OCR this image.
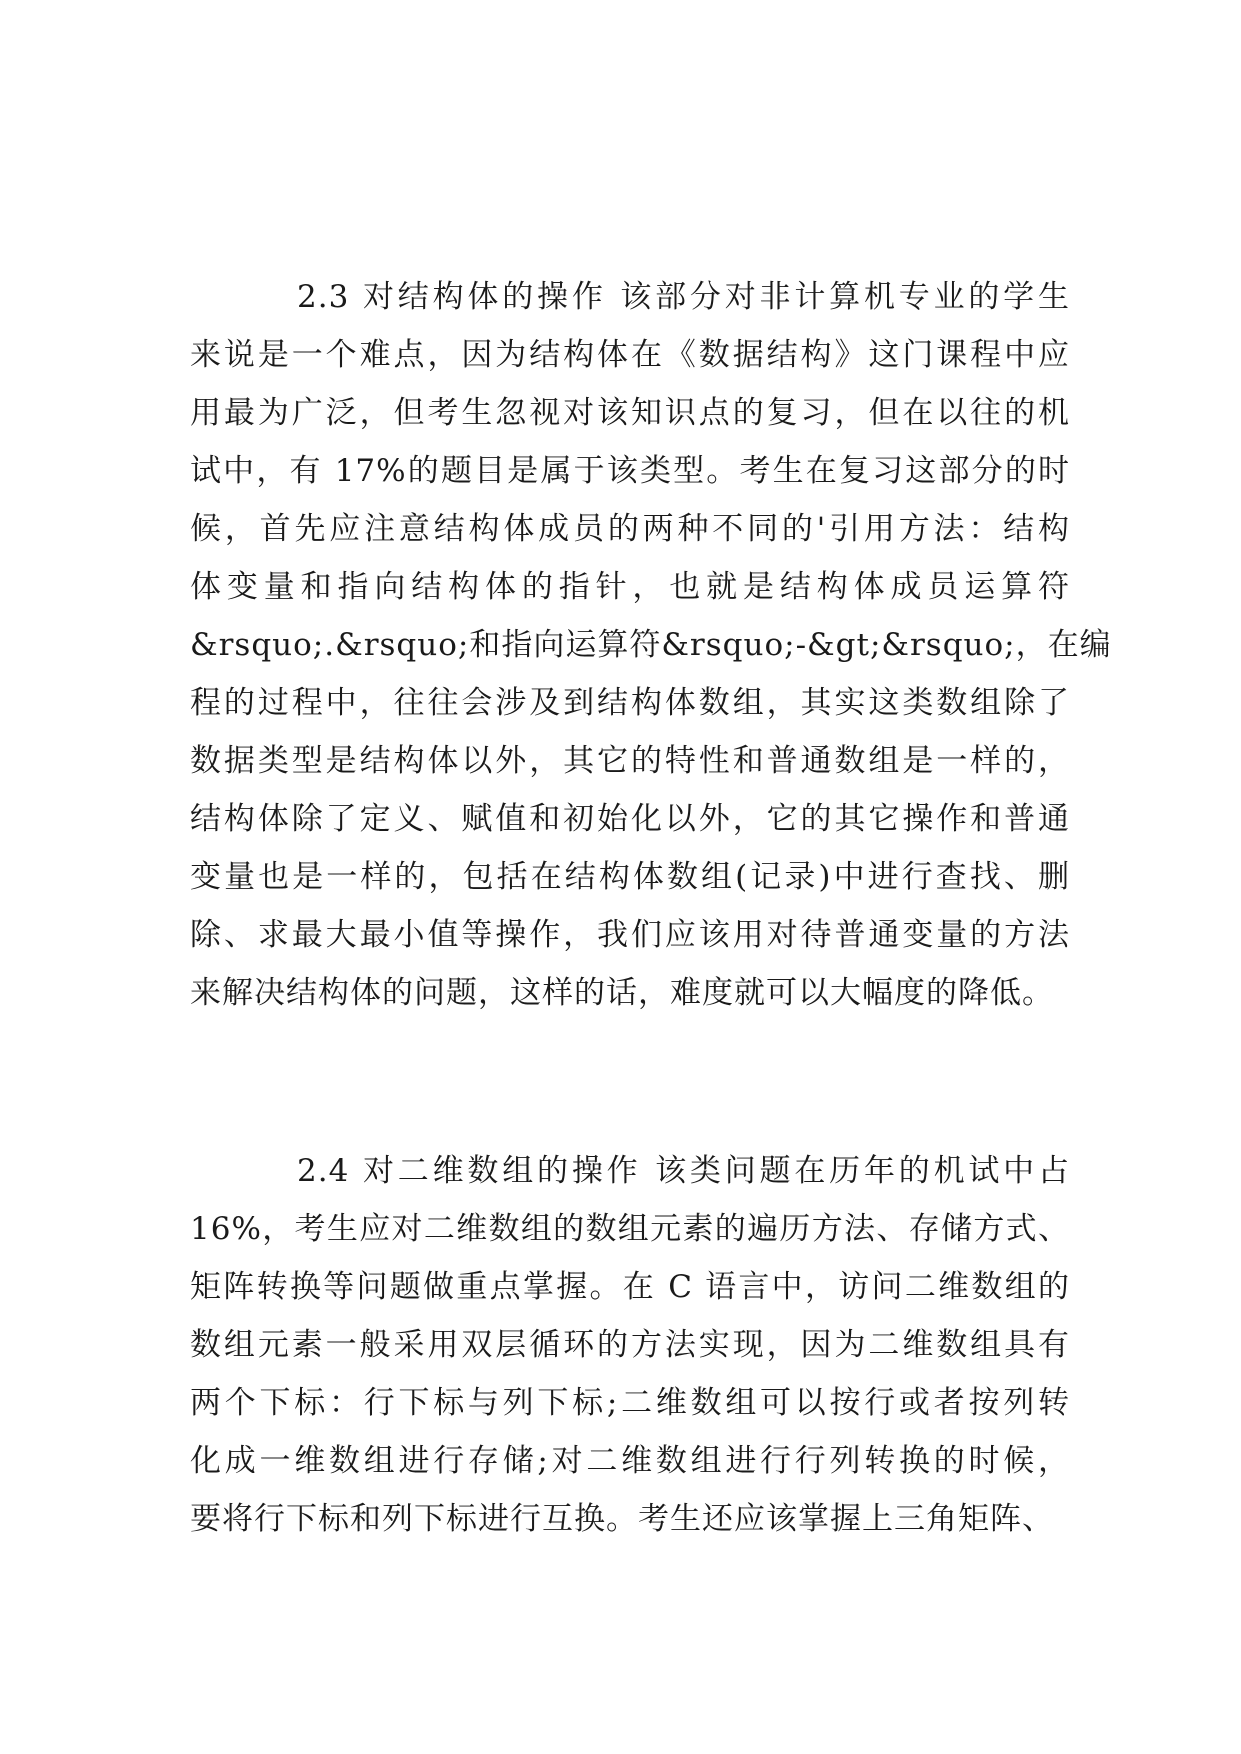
2.3 对结构体的操作 该部分对非计算机专业的学生
来说是一个难点，因为结构体在《数据结构》这门课程中应
用最为广泛，但考生忽视对该知识点的复习，但在以往的机
试中，有 17%的题目是属于该类型。考生在复习这部分的时
候，首先应注意结构体成员的两种不同的'引用方法：结构
体变量和指向结构体的指针，也就是结构体成员运算符
&rsquo;.&rsquo;和指向运算符&rsquo;-&gt;&rsquo;，在编
程的过程中，往往会涉及到结构体数组，其实这类数组除了
数据类型是结构体以外，其它的特性和普通数组是一样的，
结构体除了定义、赋值和初始化以外，它的其它操作和普通
变量也是一样的，包括在结构体数组(记录)中进行查找、删
除、求最大最小值等操作，我们应该用对待普通变量的方法
来解决结构体的问题，这样的话，难度就可以大幅度的降低。
2.4 对二维数组的操作 该类问题在历年的机试中占
16%，考生应对二维数组的数组元素的遍历方法、存储方式、
矩阵转换等问题做重点掌握。在 C 语言中，访问二维数组的
数组元素一般采用双层循环的方法实现，因为二维数组具有
两个下标：行下标与列下标;二维数组可以按行或者按列转
化成一维数组进行存储;对二维数组进行行列转换的时候，
要将行下标和列下标进行互换。考生还应该掌握上三角矩阵、
